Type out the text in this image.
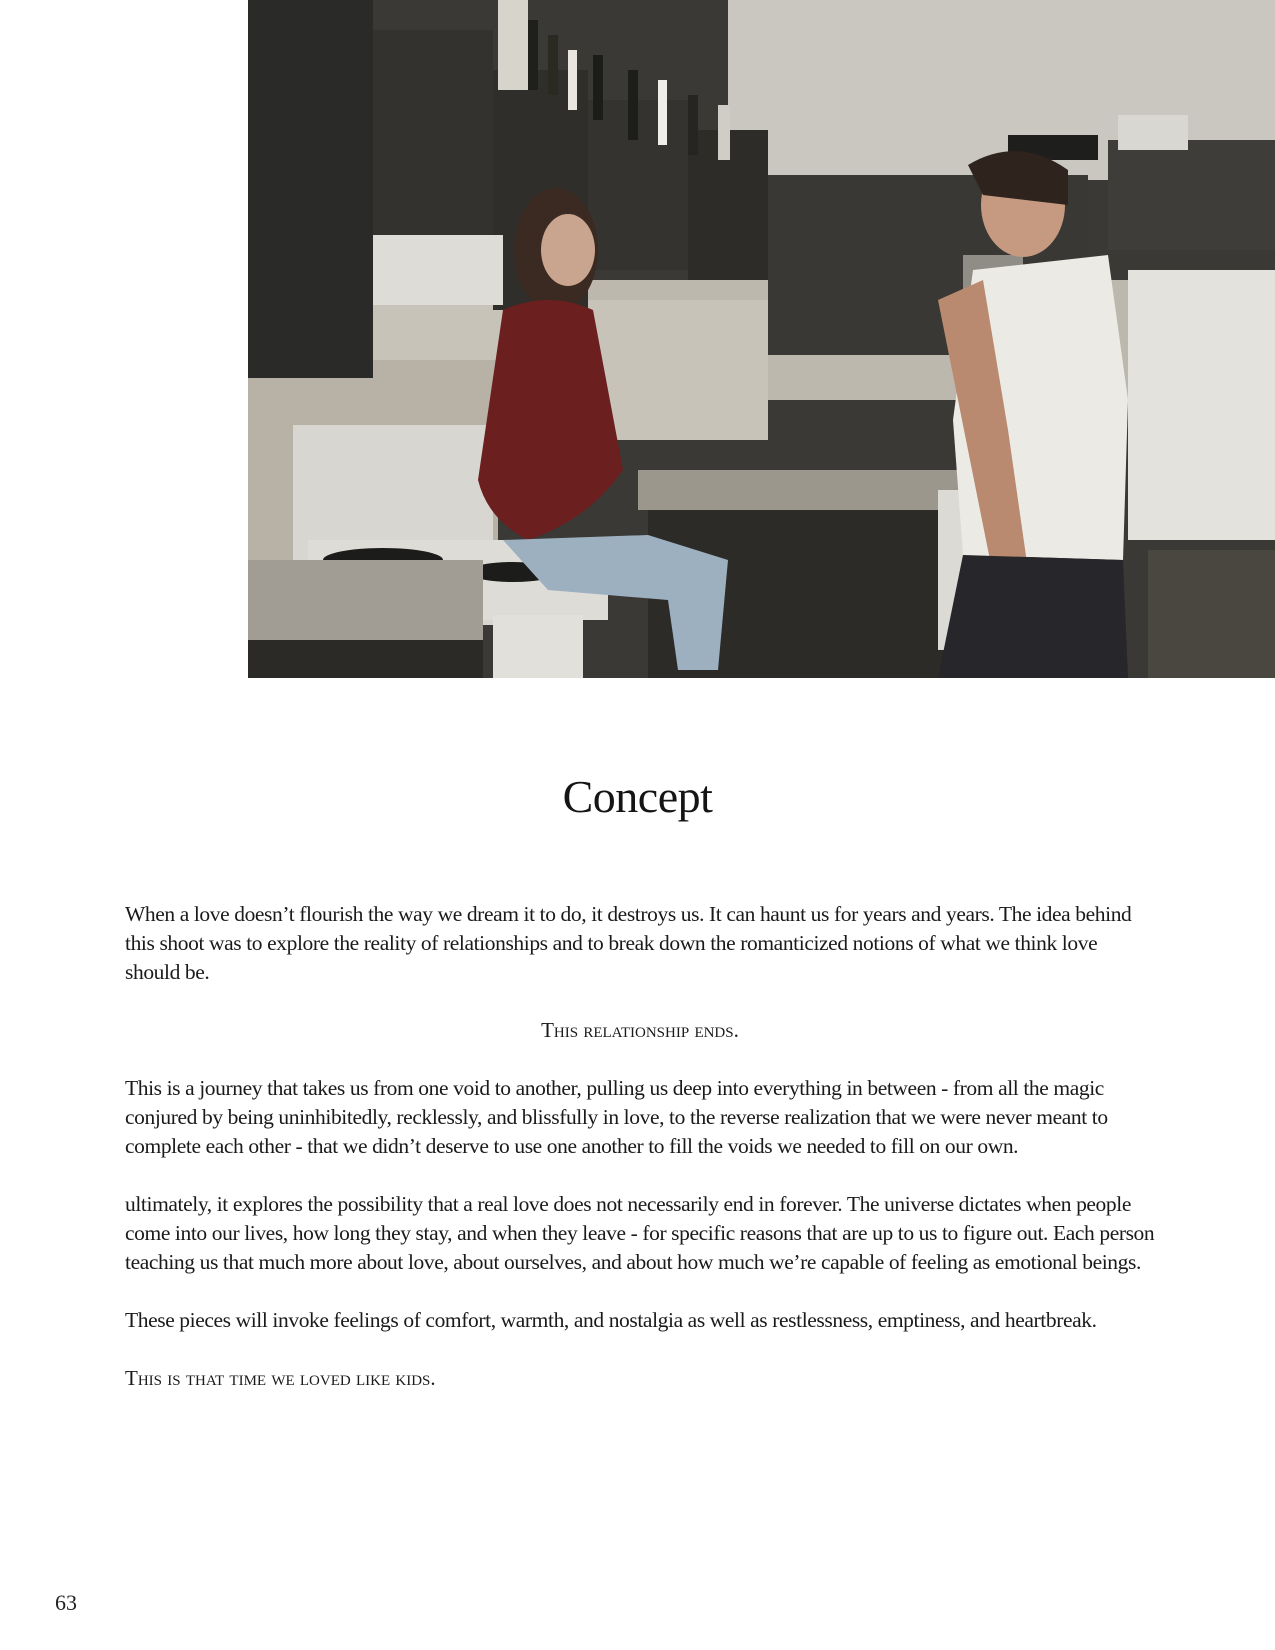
Concept

When a love doesn’t flourish the way we dream it to do, it destroys us. It can haunt us for years and years. The idea behind this shoot was to explore the reality of relationships and to break down the romanticized notions of what we think love should be.

This relationship ends.

This is a journey that takes us from one void to another, pulling us deep into everything in between - from all the magic conjured by being uninhibitedly, recklessly, and blissfully in love, to the reverse realization that we were never meant to complete each other - that we didn’t deserve to use one another to fill the voids we needed to fill on our own.

ultimately, it explores the possibility that a real love does not necessarily end in forever. The universe dictates when people come into our lives, how long they stay, and when they leave - for specific reasons that are up to us to figure out. Each person teaching us that much more about love, about ourselves, and about how much we’re capable of feeling as emotional beings.

These pieces will invoke feelings of comfort, warmth, and nostalgia as well as restlessness, emptiness, and heartbreak.

This is that time we loved like kids.

63
